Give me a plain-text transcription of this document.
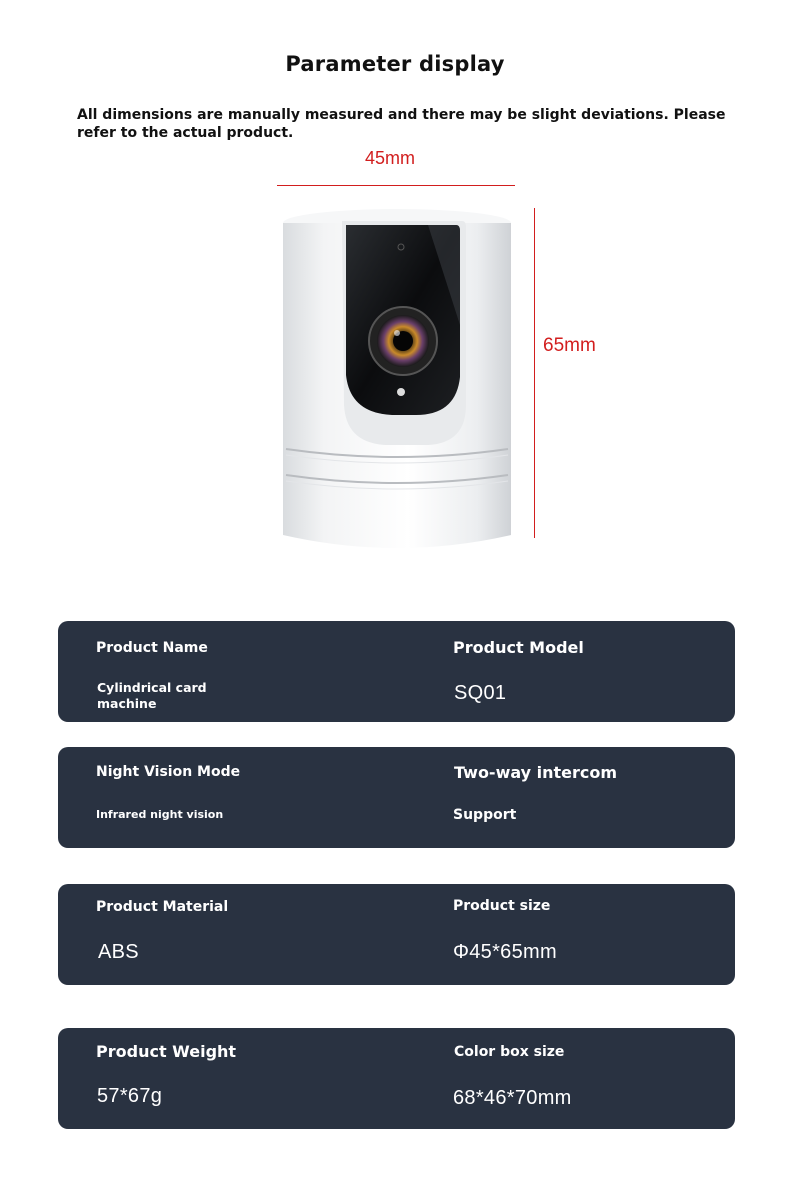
Parameter display
All dimensions are manually measured and there may be slight deviations. Please refer to the actual product.
45mm
65mm
Product Name
Cylindrical card machine
Product Model
SQ01
Night Vision Mode
Infrared night vision
Two-way intercom
Support
Product Material
ABS
Product size
Φ45*65mm
Product Weight
57*67g
Color box size
68*46*70mm
